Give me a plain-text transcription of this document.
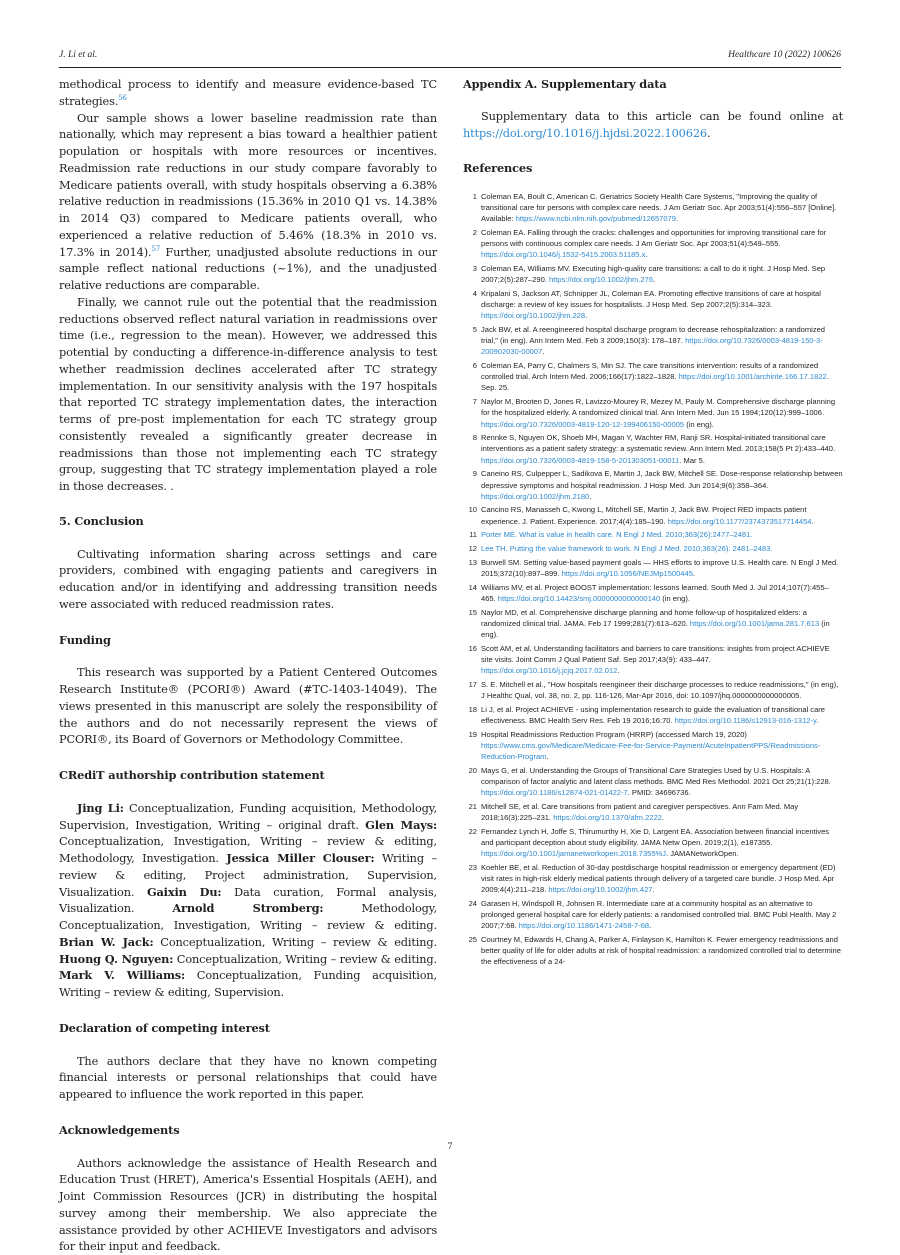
J. Li et al.	Healthcare 10 (2022) 100626

methodical process to identify and measure evidence-based TC strategies.$^{56}$

Our sample shows a lower baseline readmission rate than nationally, which may represent a bias toward a healthier patient population or hospitals with more resources or incentives. Readmission rate reductions in our study compare favorably to Medicare patients overall, with study hospitals observing a 6.38% relative reduction in readmissions (15.36% in 2010 Q1 vs. 14.38% in 2014 Q3) compared to Medicare patients overall, who experienced a relative reduction of 5.46% (18.3% in 2010 vs. 17.3% in 2014).$^{57}$ Further, unadjusted absolute reductions in our sample reflect national reductions (~1%), and the unadjusted relative reductions are comparable.

Finally, we cannot rule out the potential that the readmission reductions observed reflect natural variation in readmissions over time (i.e., regression to the mean). However, we addressed this potential by conducting a difference-in-difference analysis to test whether readmission declines accelerated after TC strategy implementation. In our sensitivity analysis with the 197 hospitals that reported TC strategy implementation dates, the interaction terms of pre-post implementation for each TC strategy group consistently revealed a significantly greater decrease in readmissions than those not implementing each TC strategy group, suggesting that TC strategy implementation played a role in those decreases. .

5. Conclusion

Cultivating information sharing across settings and care providers, combined with engaging patients and caregivers in education and/or in identifying and addressing transition needs were associated with reduced readmission rates.

Funding

This research was supported by a Patient Centered Outcomes Research Institute® (PCORI®) Award (#TC-1403-14049). The views presented in this manuscript are solely the responsibility of the authors and do not necessarily represent the views of PCORI®, its Board of Governors or Methodology Committee.

CRediT authorship contribution statement

Jing Li: Conceptualization, Funding acquisition, Methodology, Supervision, Investigation, Writing – original draft. Glen Mays: Conceptualization, Investigation, Writing – review & editing, Methodology, Investigation. Jessica Miller Clouser: Writing – review & editing, Project administration, Supervision, Visualization. Gaixin Du: Data curation, Formal analysis, Visualization. Arnold Stromberg: Methodology, Conceptualization, Investigation, Writing – review & editing. Brian W. Jack: Conceptualization, Writing – review & editing. Huong Q. Nguyen: Conceptualization, Writing – review & editing. Mark V. Williams: Conceptualization, Funding acquisition, Writing – review & editing, Supervision.

Declaration of competing interest

The authors declare that they have no known competing financial interests or personal relationships that could have appeared to influence the work reported in this paper.

Acknowledgements

Authors acknowledge the assistance of Health Research and Education Trust (HRET), America's Essential Hospitals (AEH), and Joint Commission Resources (JCR) in distributing the hospital survey among their membership. We also appreciate the assistance provided by other ACHIEVE Investigators and advisors for their input and feedback.

Appendix A. Supplementary data

Supplementary data to this article can be found online at https://doi.org/10.1016/j.hjdsi.2022.100626.

References
1 Coleman EA, Boult C, American C. Geriatrics Society Health Care Systems, "Improving the quality of transitional care for persons with complex care needs. J Am Geriatr Soc. Apr 2003;51(4):556–557 [Online]. Available: https://www.ncbi.nlm.nih.gov/pubmed/12657079.
2 Coleman EA. Falling through the cracks: challenges and opportunities for improving transitional care for persons with continuous complex care needs. J Am Geriatr Soc. Apr 2003;51(4):549–555. https://doi.org/10.1046/j.1532-5415.2003.51185.x.
3 Coleman EA, Williams MV. Executing high-quality care transitions: a call to do it right. J Hosp Med. Sep 2007;2(5):287–290. https://doi.org/10.1002/jhm.276.
4 Kripalani S, Jackson AT, Schnipper JL, Coleman EA. Promoting effective transitions of care at hospital discharge: a review of key issues for hospitalists. J Hosp Med. Sep 2007;2(5):314–323. https://doi.org/10.1002/jhm.228.
5 Jack BW, et al. A reengineered hospital discharge program to decrease rehospitalization: a randomized trial," (in eng). Ann Intern Med. Feb 3 2009;150(3): 178–187. https://doi.org/10.7326/0003-4819-150-3-200902030-00007.
6 Coleman EA, Parry C, Chalmers S, Min SJ. The care transitions intervention: results of a randomized controlled trial. Arch Intern Med. 2006;166(17):1822–1828. https://doi.org/10.1001/archinte.166.17.1822. Sep. 25.
7 Naylor M, Brooten D, Jones R, Lavizzo-Mourey R, Mezey M, Pauly M. Comprehensive discharge planning for the hospitalized elderly. A randomized clinical trial. Ann Intern Med. Jun 15 1994;120(12):999–1006. https://doi.org/10.7326/0003-4819-120-12-199406150-00005 (in eng).
8 Rennke S, Nguyen OK, Shoeb MH, Magan Y, Wachter RM, Ranji SR. Hospital-initiated transitional care interventions as a patient safety strategy: a systematic review. Ann Intern Med. 2013;158(5 Pt 2):433–440. https://doi.org/10.7326/0003-4819-158-5-201303051-00011. Mar 5.
9 Caneino RS, Culpepper L, Sadikova E, Martin J, Jack BW, Mitchell SE. Dose-response relationship between depressive symptoms and hospital readmission. J Hosp Med. Jun 2014;9(6):358–364. https://doi.org/10.1002/jhm.2180.
10 Cancino RS, Manasseh C, Kwong L, Mitchell SE, Martin J, Jack BW. Project RED impacts patient experience. J. Patient. Experience. 2017;4(4):185–190. https://doi.org/10.1177/2374373517714454.
11 Porter ME. What is value in health care. N Engl J Med. 2010;363(26):2477–2481.
12 Lee TH. Putting the value framework to work. N Engl J Med. 2010;363(26): 2481–2483.
13 Burwell SM. Setting value-based payment goals — HHS efforts to improve U.S. Health care. N Engl J Med. 2015;372(10):897–899. https://doi.org/10.1056/NEJMp1500445.
14 Williams MV, et al. Project BOOST implementation: lessons learned. South Med J. Jul 2014;107(7):455–465. https://doi.org/10.14423/smj.0000000000000140 (in eng).
15 Naylor MD, et al. Comprehensive discharge planning and home follow-up of hospitalized elders: a randomized clinical trial. JAMA. Feb 17 1999;281(7):613–620. https://doi.org/10.1001/jama.281.7.613 (in eng).
16 Scott AM, et al. Understanding facilitators and barriers to care transitions: insights from project ACHIEVE site visits. Joint Comm J Qual Patient Saf. Sep 2017;43(9): 433–447. https://doi.org/10.1016/j.jcjq.2017.02.012.
17 S. E. Mitchell et al., "How hospitals reengineer their discharge processes to reduce readmissions," (in eng), J Healthc Qual, vol. 38, no. 2, pp. 116-126, Mar-Apr 2016, doi: 10.1097/jhq.0000000000000005.
18 Li J, et al. Project ACHIEVE - using implementation research to guide the evaluation of transitional care effectiveness. BMC Health Serv Res. Feb 19 2016;16:70. https://doi.org/10.1186/s12913-016-1312-y.
19 Hospital Readmissions Reduction Program (HRRP) (accessed March 19, 2020) https://www.cms.gov/Medicare/Medicare-Fee-for-Service-Payment/AcuteInpatientPPS/Readmissions-Reduction-Program.
20 Mays G, et al. Understanding the Groups of Transitional Care Strategies Used by U.S. Hospitals: A comparison of factor analytic and latent class methods. BMC Med Res Methodol. 2021 Oct 25;21(1):228. https://doi.org/10.1186/s12874-021-01422-7. PMID: 34696736.
21 Mitchell SE, et al. Care transitions from patient and caregiver perspectives. Ann Fam Med. May 2018;16(3):225–231. https://doi.org/10.1370/afm.2222.
22 Fernandez Lynch H, Joffe S, Thirumurthy H, Xie D, Largent EA. Association between financial incentives and participant deception about study eligibility. JAMA Netw Open. 2019;2(1), e187355. https://doi.org/10.1001/jamanetworkopen.2018.7355%J. JAMANetworkOpen.
23 Koehler BE, et al. Reduction of 30-day postdischarge hospital readmission or emergency department (ED) visit rates in high-risk elderly medical patients through delivery of a targeted care bundle. J Hosp Med. Apr 2009;4(4):211–218. https://doi.org/10.1002/jhm.427.
24 Garasen H, Windspoll R, Johnsen R. Intermediate care at a community hospital as an alternative to prolonged general hospital care for elderly patients: a randomised controlled trial. BMC Publ Health. May 2 2007;7:68. https://doi.org/10.1186/1471-2458-7-68.
25 Courtney M, Edwards H, Chang A, Parker A, Finlayson K, Hamilton K. Fewer emergency readmissions and better quality of life for older adults at risk of hospital readmission: a randomized controlled trial to determine the effectiveness of a 24-
7
